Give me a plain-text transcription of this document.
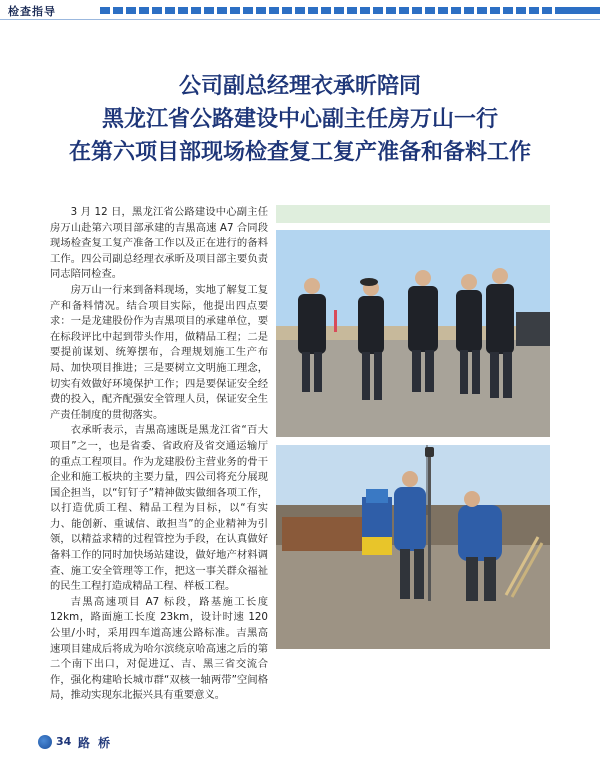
检查指导
公司副总经理衣承昕陪同
黑龙江省公路建设中心副主任房万山一行
在第六项目部现场检查复工复产准备和备料工作

3 月 12 日，黑龙江省公路建设中心副主任房万山赴第六项目部承建的吉黑高速 A7 合同段现场检查复工复产准备工作以及正在进行的备料工作。四公司副总经理衣承昕及项目部主要负责同志陪同检查。

房万山一行来到备料现场，实地了解复工复产和备料情况。结合项目实际，他提出四点要求：一是龙建股份作为吉黑项目的承建单位，要在标段评比中起到带头作用，做精品工程；二是要提前谋划、统筹摆布，合理规划施工生产布局、加快项目推进；三是要树立文明施工理念，切实有效做好环境保护工作；四是要保证安全经费的投入，配齐配强安全管理人员，保证安全生产责任制度的贯彻落实。

衣承昕表示，吉黑高速既是黑龙江省“百大项目”之一，也是省委、省政府及省交通运输厅的重点工程项目。作为龙建股份主营业务的骨干企业和施工板块的主要力量，四公司将充分展现国企担当，以“钉钉子”精神做实做细各项工作，以打造优质工程、精品工程为目标，以“有实力、能创新、重诚信、敢担当”的企业精神为引领，以精益求精的过程管控为手段，在认真做好备料工作的同时加快场站建设，做好地产材料调查、施工安全管理等工作，把这一事关群众福祉的民生工程打造成精品工程、样板工程。

吉黑高速项目 A7 标段，路基施工长度 12km，路面施工长度 23km，设计时速 120 公里/小时，采用四车道高速公路标准。吉黑高速项目建成后将成为哈尔滨绕京哈高速之后的第二个南下出口，对促进辽、吉、黑三省交流合作，强化构建哈长城市群“双核一轴两带”空间格局，推动实现东北振兴具有重要意义。

34 路 桥
